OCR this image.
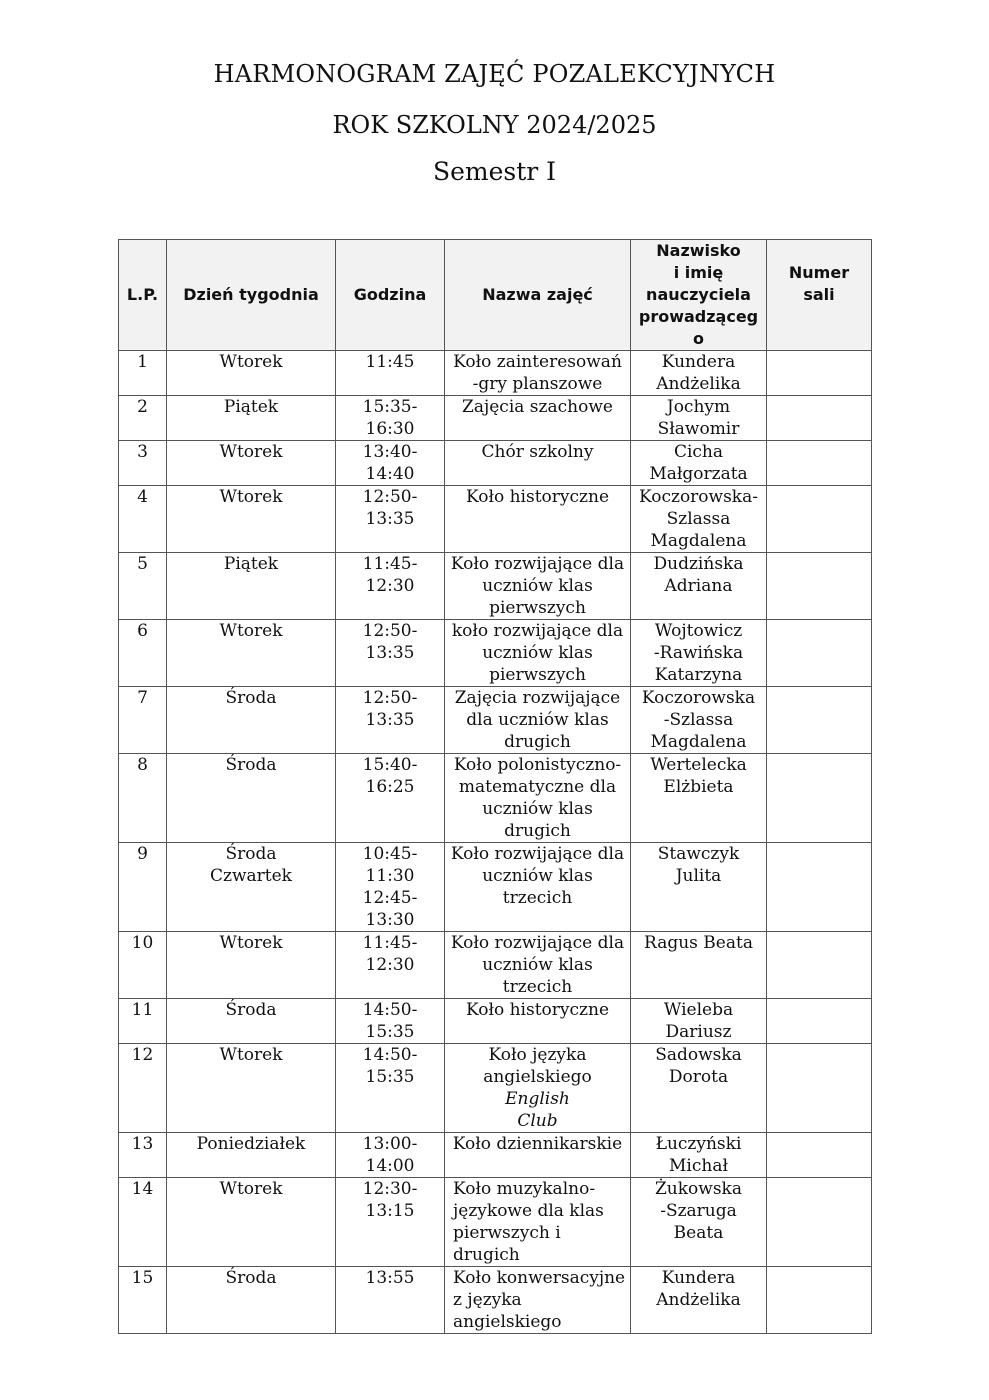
HARMONOGRAM ZAJĘĆ POZALEKCYJNYCH
ROK SZKOLNY 2024/2025
Semestr I
L.P.	Dzień tygodnia	Godzina	Nazwa zajęć	Nazwisko
i imię
nauczyciela
prowadzącego	Numer
sali

1	Wtorek	11:45	Koło zainteresowań
-gry planszowe	Kundera
Andżelika	

2	Piątek	15:35-
16:30	Zajęcia szachowe	Jochym
Sławomir	

3	Wtorek	13:40-
14:40	Chór szkolny	Cicha
Małgorzata	

4	Wtorek	12:50-
13:35	Koło historyczne	Koczorowska-
Szlassa
Magdalena	

5	Piątek	11:45-
12:30	Koło rozwijające dla
uczniów klas
pierwszych	Dudzińska
Adriana	

6	Wtorek	12:50-
13:35	koło rozwijające dla
uczniów klas
pierwszych	Wojtowicz
-Rawińska
Katarzyna	

7	Środa	12:50-
13:35	Zajęcia rozwijające
dla uczniów klas
drugich	Koczorowska
-Szlassa
Magdalena	

8	Środa	15:40-
16:25	Koło polonistyczno-
matematyczne dla
uczniów klas
drugich	Wertelecka
Elżbieta	

9	Środa
Czwartek	10:45-
11:30
12:45-
13:30	Koło rozwijające dla
uczniów klas
trzecich	Stawczyk
Julita	

10	Wtorek	11:45-
12:30	Koło rozwijające dla
uczniów klas
trzecich	Ragus Beata	

11	Środa	14:50-
15:35	Koło historyczne	Wieleba
Dariusz	

12	Wtorek	14:50-
15:35	Koło języka
angielskiego English
Club	Sadowska
Dorota	

13	Poniedziałek	13:00-
14:00	Koło dziennikarskie	Łuczyński
Michał	

14	Wtorek	12:30-
13:15	Koło muzykalno-
językowe dla klas
pierwszych i
drugich	Żukowska
-Szaruga
Beata	

15	Środa	13:55	Koło konwersacyjne
z języka
angielskiego	Kundera
Andżelika	
